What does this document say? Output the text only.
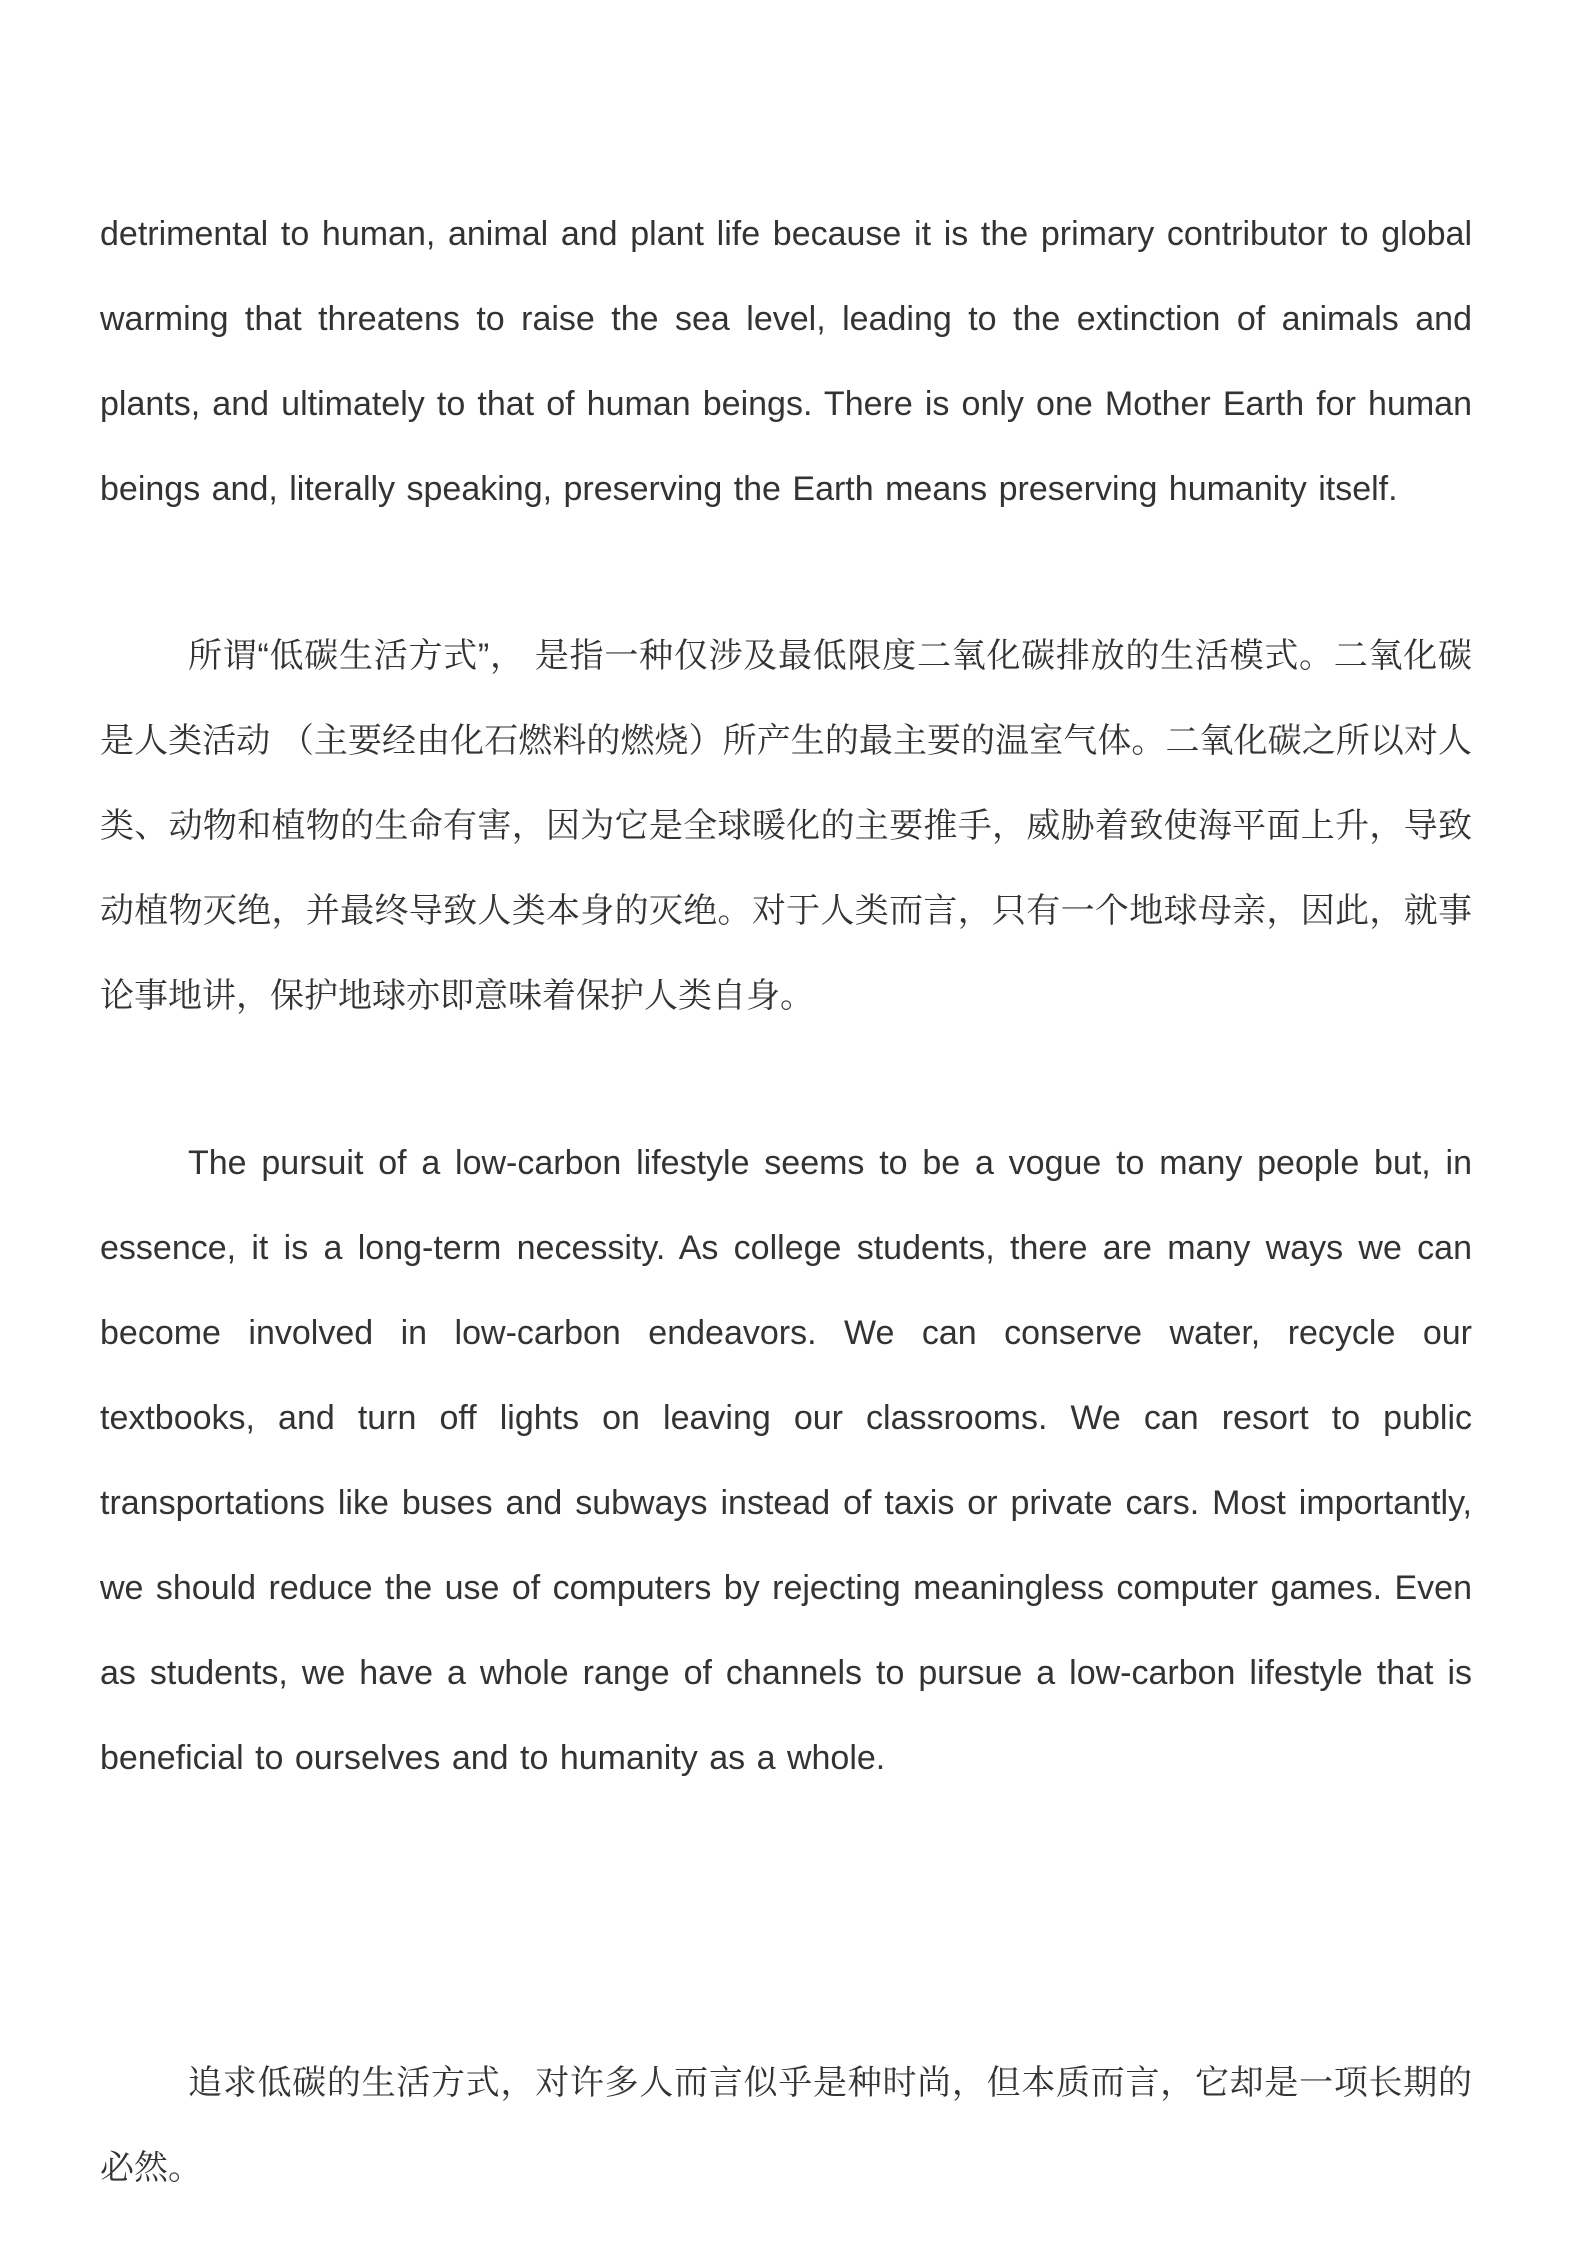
detrimental to human, animal and plant life because it is the primary contributor to global warming that threatens to raise the sea level, leading to the extinction of animals and plants, and ultimately to that of human beings. There is only one Mother Earth for human beings and, literally speaking, preserving the Earth means preserving humanity itself.

所谓“低碳生活方式”， 是指一种仅涉及最低限度二氧化碳排放的生活模式。二氧化碳是人类活动 （主要经由化石燃料的燃烧）所产生的最主要的温室气体。二氧化碳之所以对人类、动物和植物的生命有害，因为它是全球暖化的主要推手，威胁着致使海平面上升，导致动植物灭绝，并最终导致人类本身的灭绝。对于人类而言，只有一个地球母亲，因此，就事论事地讲，保护地球亦即意味着保护人类自身。

The pursuit of a low-carbon lifestyle seems to be a vogue to many people but, in essence, it is a long-term necessity. As college students, there are many ways we can become involved in low-carbon endeavors. We can conserve water, recycle our textbooks, and turn off lights on leaving our classrooms. We can resort to public transportations like buses and subways instead of taxis or private cars. Most importantly, we should reduce the use of computers by rejecting meaningless computer games. Even as students, we have a whole range of channels to pursue a low-carbon lifestyle that is beneficial to ourselves and to humanity as a whole.

追求低碳的生活方式，对许多人而言似乎是种时尚，但本质而言，它却是一项长期的必然。
